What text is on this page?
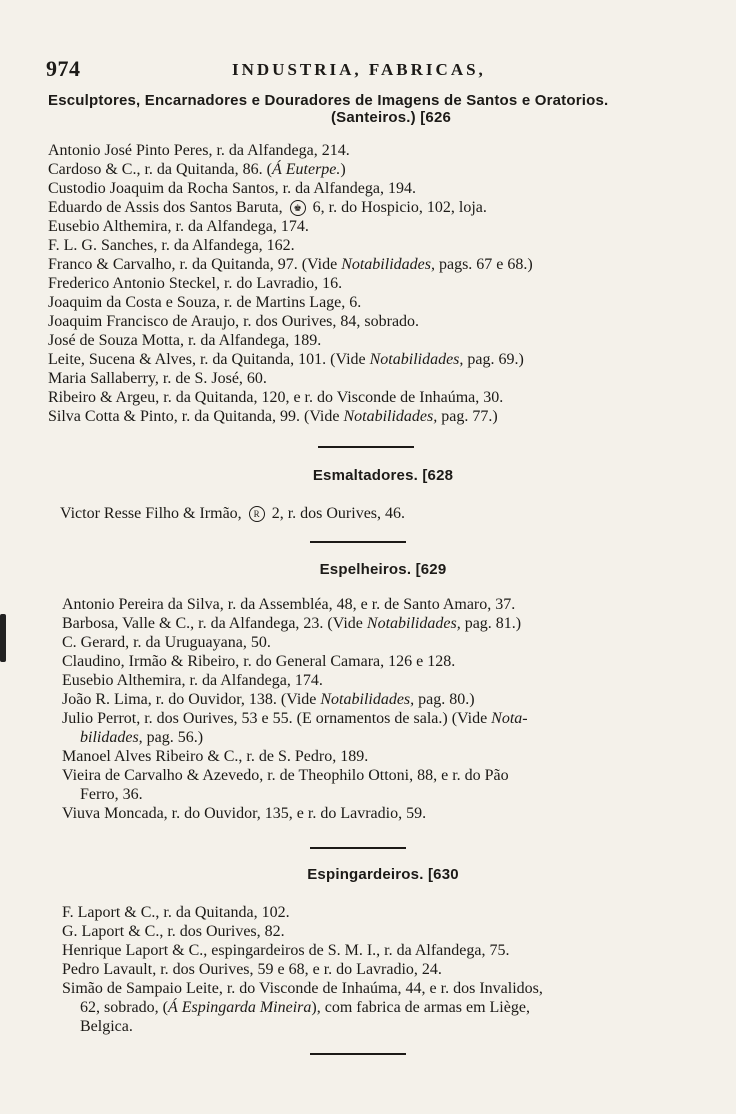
974	INDUSTRIA, FABRICAS,
Esculptores, Encarnadores e Douradores de Imagens de Santos e Oratorios.
(Santeiros.) [626
Antonio José Pinto Peres, r. da Alfandega, 214.
Cardoso & C., r. da Quitanda, 86. (Á Euterpe.)
Custodio Joaquim da Rocha Santos, r. da Alfandega, 194.
Eduardo de Assis dos Santos Baruta, ♚ 6, r. do Hospicio, 102, loja.
Eusebio Althemira, r. da Alfandega, 174.
F. L. G. Sanches, r. da Alfandega, 162.
Franco & Carvalho, r. da Quitanda, 97. (Vide Notabilidades, pags. 67 e 68.)
Frederico Antonio Steckel, r. do Lavradio, 16.
Joaquim da Costa e Souza, r. de Martins Lage, 6.
Joaquim Francisco de Araujo, r. dos Ourives, 84, sobrado.
José de Souza Motta, r. da Alfandega, 189.
Leite, Sucena & Alves, r. da Quitanda, 101. (Vide Notabilidades, pag. 69.)
Maria Sallaberry, r. de S. José, 60.
Ribeiro & Argeu, r. da Quitanda, 120, e r. do Visconde de Inhaúma, 30.
Silva Cotta & Pinto, r. da Quitanda, 99. (Vide Notabilidades, pag. 77.)
Esmaltadores. [628
Victor Resse Filho & Irmão, R 2, r. dos Ourives, 46.
Espelheiros. [629
Antonio Pereira da Silva, r. da Assembléa, 48, e r. de Santo Amaro, 37.
Barbosa, Valle & C., r. da Alfandega, 23. (Vide Notabilidades, pag. 81.)
C. Gerard, r. da Uruguayana, 50.
Claudino, Irmão & Ribeiro, r. do General Camara, 126 e 128.
Eusebio Althemira, r. da Alfandega, 174.
João R. Lima, r. do Ouvidor, 138. (Vide Notabilidades, pag. 80.)
Julio Perrot, r. dos Ourives, 53 e 55. (E ornamentos de sala.) (Vide Nota-
bilidades, pag. 56.)
Manoel Alves Ribeiro & C., r. de S. Pedro, 189.
Vieira de Carvalho & Azevedo, r. de Theophilo Ottoni, 88, e r. do Pão
Ferro, 36.
Viuva Moncada, r. do Ouvidor, 135, e r. do Lavradio, 59.
Espingardeiros. [630
F. Laport & C., r. da Quitanda, 102.
G. Laport & C., r. dos Ourives, 82.
Henrique Laport & C., espingardeiros de S. M. I., r. da Alfandega, 75.
Pedro Lavault, r. dos Ourives, 59 e 68, e r. do Lavradio, 24.
Simão de Sampaio Leite, r. do Visconde de Inhaúma, 44, e r. dos Invalidos,
62, sobrado, (Á Espingarda Mineira), com fabrica de armas em Liège,
Belgica.
